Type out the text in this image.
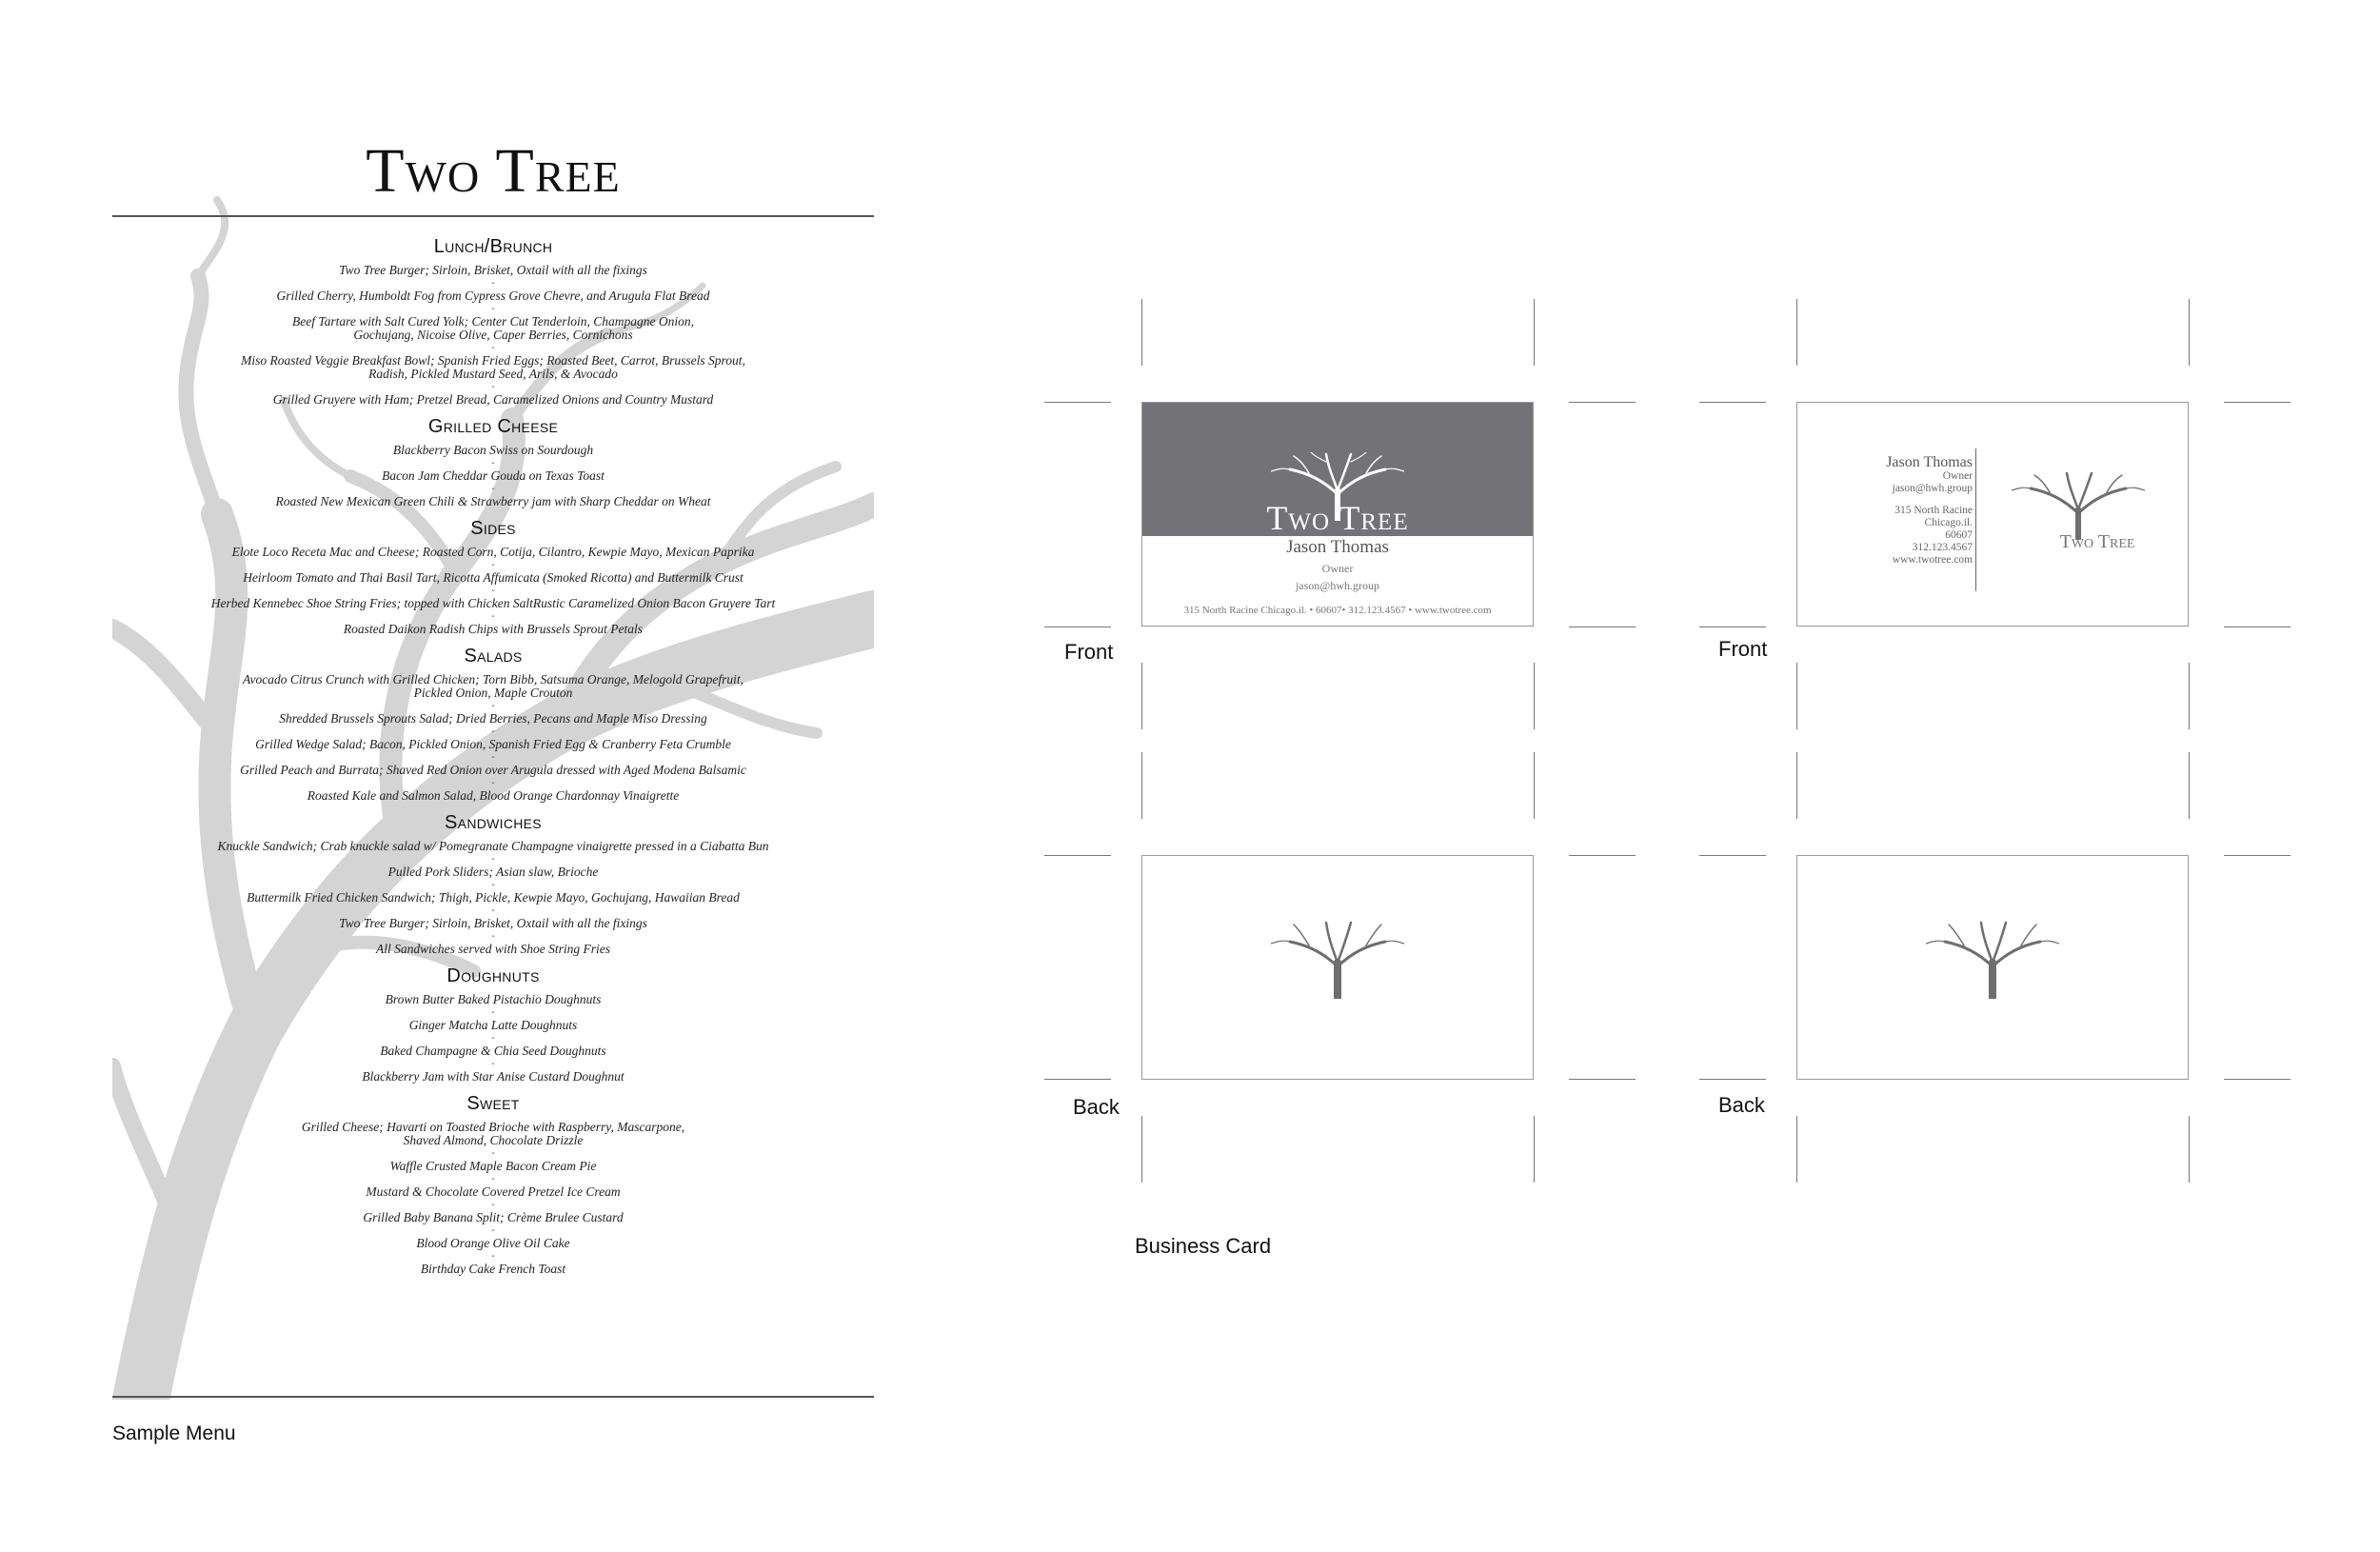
Two Tree
Lunch/Brunch
Two Tree Burger; Sirloin, Brisket, Oxtail with all the fixings
-
Grilled Cherry, Humboldt Fog from Cypress Grove Chevre, and Arugula Flat Bread
-
Beef Tartare with Salt Cured Yolk; Center Cut Tenderloin, Champagne Onion,
Gochujang, Nicoise Olive, Caper Berries, Cornichons
-
Miso Roasted Veggie Breakfast Bowl; Spanish Fried Eggs; Roasted Beet, Carrot, Brussels Sprout,
Radish, Pickled Mustard Seed, Arils, & Avocado
-
Grilled Gruyere with Ham; Pretzel Bread, Caramelized Onions and Country Mustard
Grilled Cheese
Blackberry Bacon Swiss on Sourdough
-
Bacon Jam Cheddar Gouda on Texas Toast
-
Roasted New Mexican Green Chili & Strawberry jam with Sharp Cheddar on Wheat
Sides
Elote Loco Receta Mac and Cheese; Roasted Corn, Cotija, Cilantro, Kewpie Mayo, Mexican Paprika
-
Heirloom Tomato and Thai Basil Tart, Ricotta Affumicata (Smoked Ricotta) and Buttermilk Crust
-
Herbed Kennebec Shoe String Fries; topped with Chicken SaltRustic Caramelized Onion Bacon Gruyere Tart
-
Roasted Daikon Radish Chips with Brussels Sprout Petals
Salads
Avocado Citrus Crunch with Grilled Chicken; Torn Bibb, Satsuma Orange, Melogold Grapefruit,
Pickled Onion, Maple Crouton
-
Shredded Brussels Sprouts Salad; Dried Berries, Pecans and Maple Miso Dressing
-
Grilled Wedge Salad; Bacon, Pickled Onion, Spanish Fried Egg & Cranberry Feta Crumble
-
Grilled Peach and Burrata; Shaved Red Onion over Arugula dressed with Aged Modena Balsamic
-
Roasted Kale and Salmon Salad, Blood Orange Chardonnay Vinaigrette
Sandwiches
Knuckle Sandwich; Crab knuckle salad w/ Pomegranate Champagne vinaigrette pressed in a Ciabatta Bun
-
Pulled Pork Sliders; Asian slaw, Brioche
-
Buttermilk Fried Chicken Sandwich; Thigh, Pickle, Kewpie Mayo, Gochujang, Hawaiian Bread
-
Two Tree Burger; Sirloin, Brisket, Oxtail with all the fixings
-
All Sandwiches served with Shoe String Fries
Doughnuts
Brown Butter Baked Pistachio Doughnuts
-
Ginger Matcha Latte Doughnuts
-
Baked Champagne & Chia Seed Doughnuts
-
Blackberry Jam with Star Anise Custard Doughnut
Sweet
Grilled Cheese; Havarti on Toasted Brioche with Raspberry, Mascarpone,
Shaved Almond, Chocolate Drizzle
-
Waffle Crusted Maple Bacon Cream Pie
-
Mustard & Chocolate Covered Pretzel Ice Cream
-
Grilled Baby Banana Split; Crème Brulee Custard
-
Blood Orange Olive Oil Cake
-
Birthday Cake French Toast
Sample Menu
Two Tree
Jason Thomas
Owner
jason@hwh.group
315 North Racine Chicago.il. • 60607• 312.123.4567 • www.twotree.com
Front
Jason Thomas
Owner
jason@hwh.group
315 North Racine
Chicago.il.
60607
312.123.4567
www.twotree.com
Two Tree
Front
Back	Back
Business Card
